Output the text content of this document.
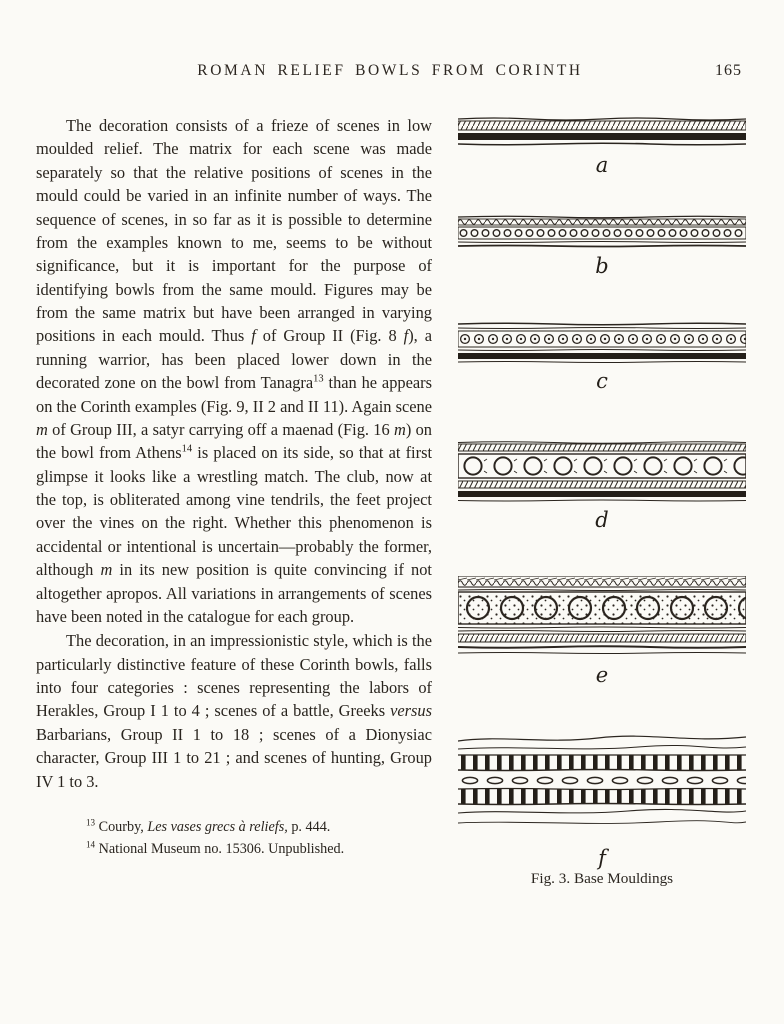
ROMAN RELIEF BOWLS FROM CORINTH	165

The decoration consists of a frieze of scenes in low moulded relief. The matrix for each scene was made separately so that the relative positions of scenes in the mould could be varied in an infinite number of ways. The sequence of scenes, in so far as it is possible to determine from the examples known to me, seems to be without significance, but it is important for the purpose of identifying bowls from the same mould. Figures may be from the same matrix but have been arranged in varying positions in each mould. Thus f of Group II (Fig. 8 f), a running warrior, has been placed lower down in the decorated zone on the bowl from Tanagra$^{13}$ than he appears on the Corinth examples (Fig. 9, II 2 and II 11). Again scene m of Group III, a satyr carrying off a maenad (Fig. 16 m) on the bowl from Athens$^{14}$ is placed on its side, so that at first glimpse it looks like a wrestling match. The club, now at the top, is obliterated among vine tendrils, the feet project over the vines on the right. Whether this phenomenon is accidental or intentional is uncertain—probably the former, although m in its new position is quite convincing if not altogether apropos. All variations in arrangements of scenes have been noted in the catalogue for each group.

The decoration, in an impressionistic style, which is the particularly distinctive feature of these Corinth bowls, falls into four categories : scenes representing the labors of Herakles, Group I 1 to 4 ; scenes of a battle, Greeks versus Barbarians, Group II 1 to 18 ; scenes of a Dionysiac character, Group III 1 to 21 ; and scenes of hunting, Group IV 1 to 3.

$^{13}$ Courby, Les vases grecs à reliefs, p. 444.

$^{14}$ National Museum no. 15306. Unpublished.

a
b
c
d
e
f
Fig. 3. Base Mouldings
